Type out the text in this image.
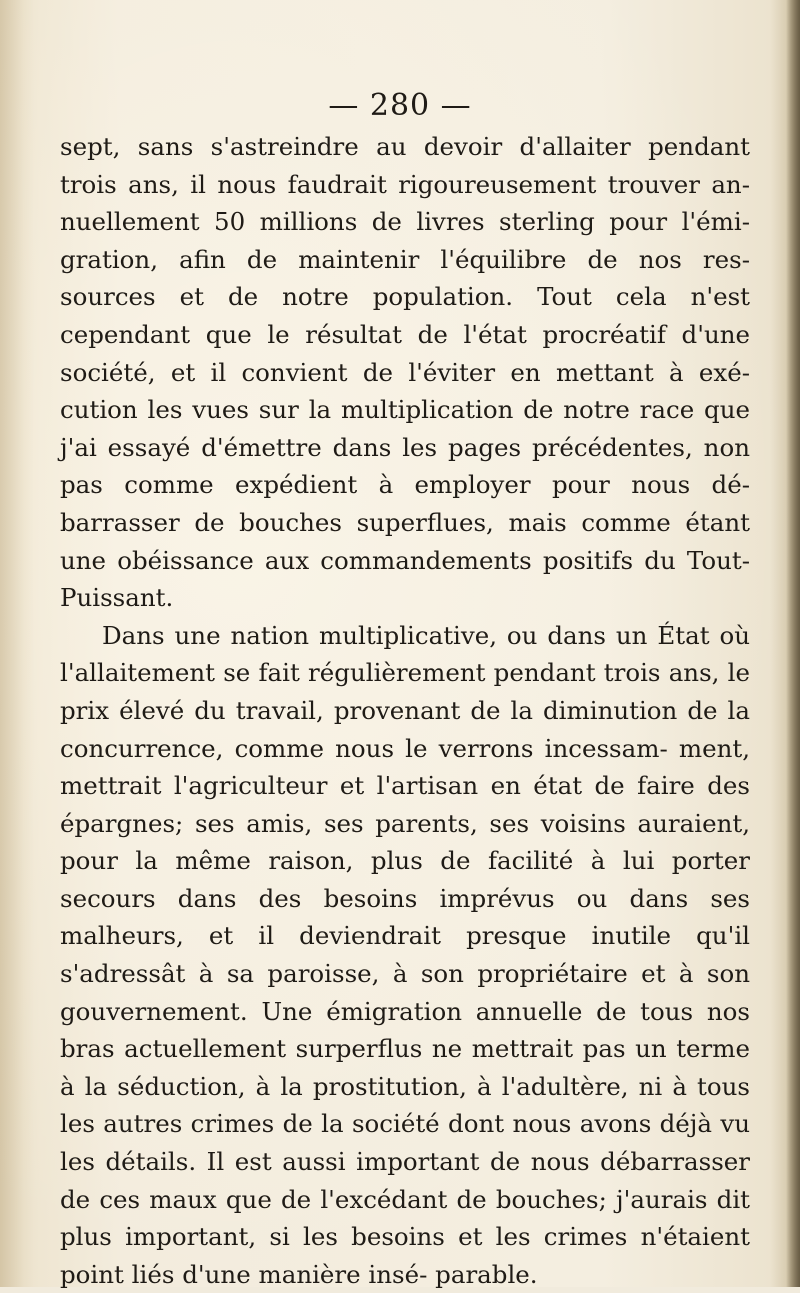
— 280 —

sept, sans s'astreindre au devoir d'allaiter pendant trois ans, il nous faudrait rigoureusement trouver an- nuellement 50 millions de livres sterling pour l'émi- gration, afin de maintenir l'équilibre de nos res- sources et de notre population. Tout cela n'est cependant que le résultat de l'état procréatif d'une société, et il convient de l'éviter en mettant à exé- cution les vues sur la multiplication de notre race que j'ai essayé d'émettre dans les pages précédentes, non pas comme expédient à employer pour nous dé- barrasser de bouches superflues, mais comme étant une obéissance aux commandements positifs du Tout- Puissant.

Dans une nation multiplicative, ou dans un État où l'allaitement se fait régulièrement pendant trois ans, le prix élevé du travail, provenant de la diminution de la concurrence, comme nous le verrons incessam- ment, mettrait l'agriculteur et l'artisan en état de faire des épargnes; ses amis, ses parents, ses voisins auraient, pour la même raison, plus de facilité à lui porter secours dans des besoins imprévus ou dans ses malheurs, et il deviendrait presque inutile qu'il s'adressât à sa paroisse, à son propriétaire et à son gouvernement. Une émigration annuelle de tous nos bras actuellement surperflus ne mettrait pas un terme à la séduction, à la prostitution, à l'adultère, ni à tous les autres crimes de la société dont nous avons déjà vu les détails. Il est aussi important de nous débarrasser de ces maux que de l'excédant de bouches; j'aurais dit plus important, si les besoins et les crimes n'étaient point liés d'une manière insé- parable.
